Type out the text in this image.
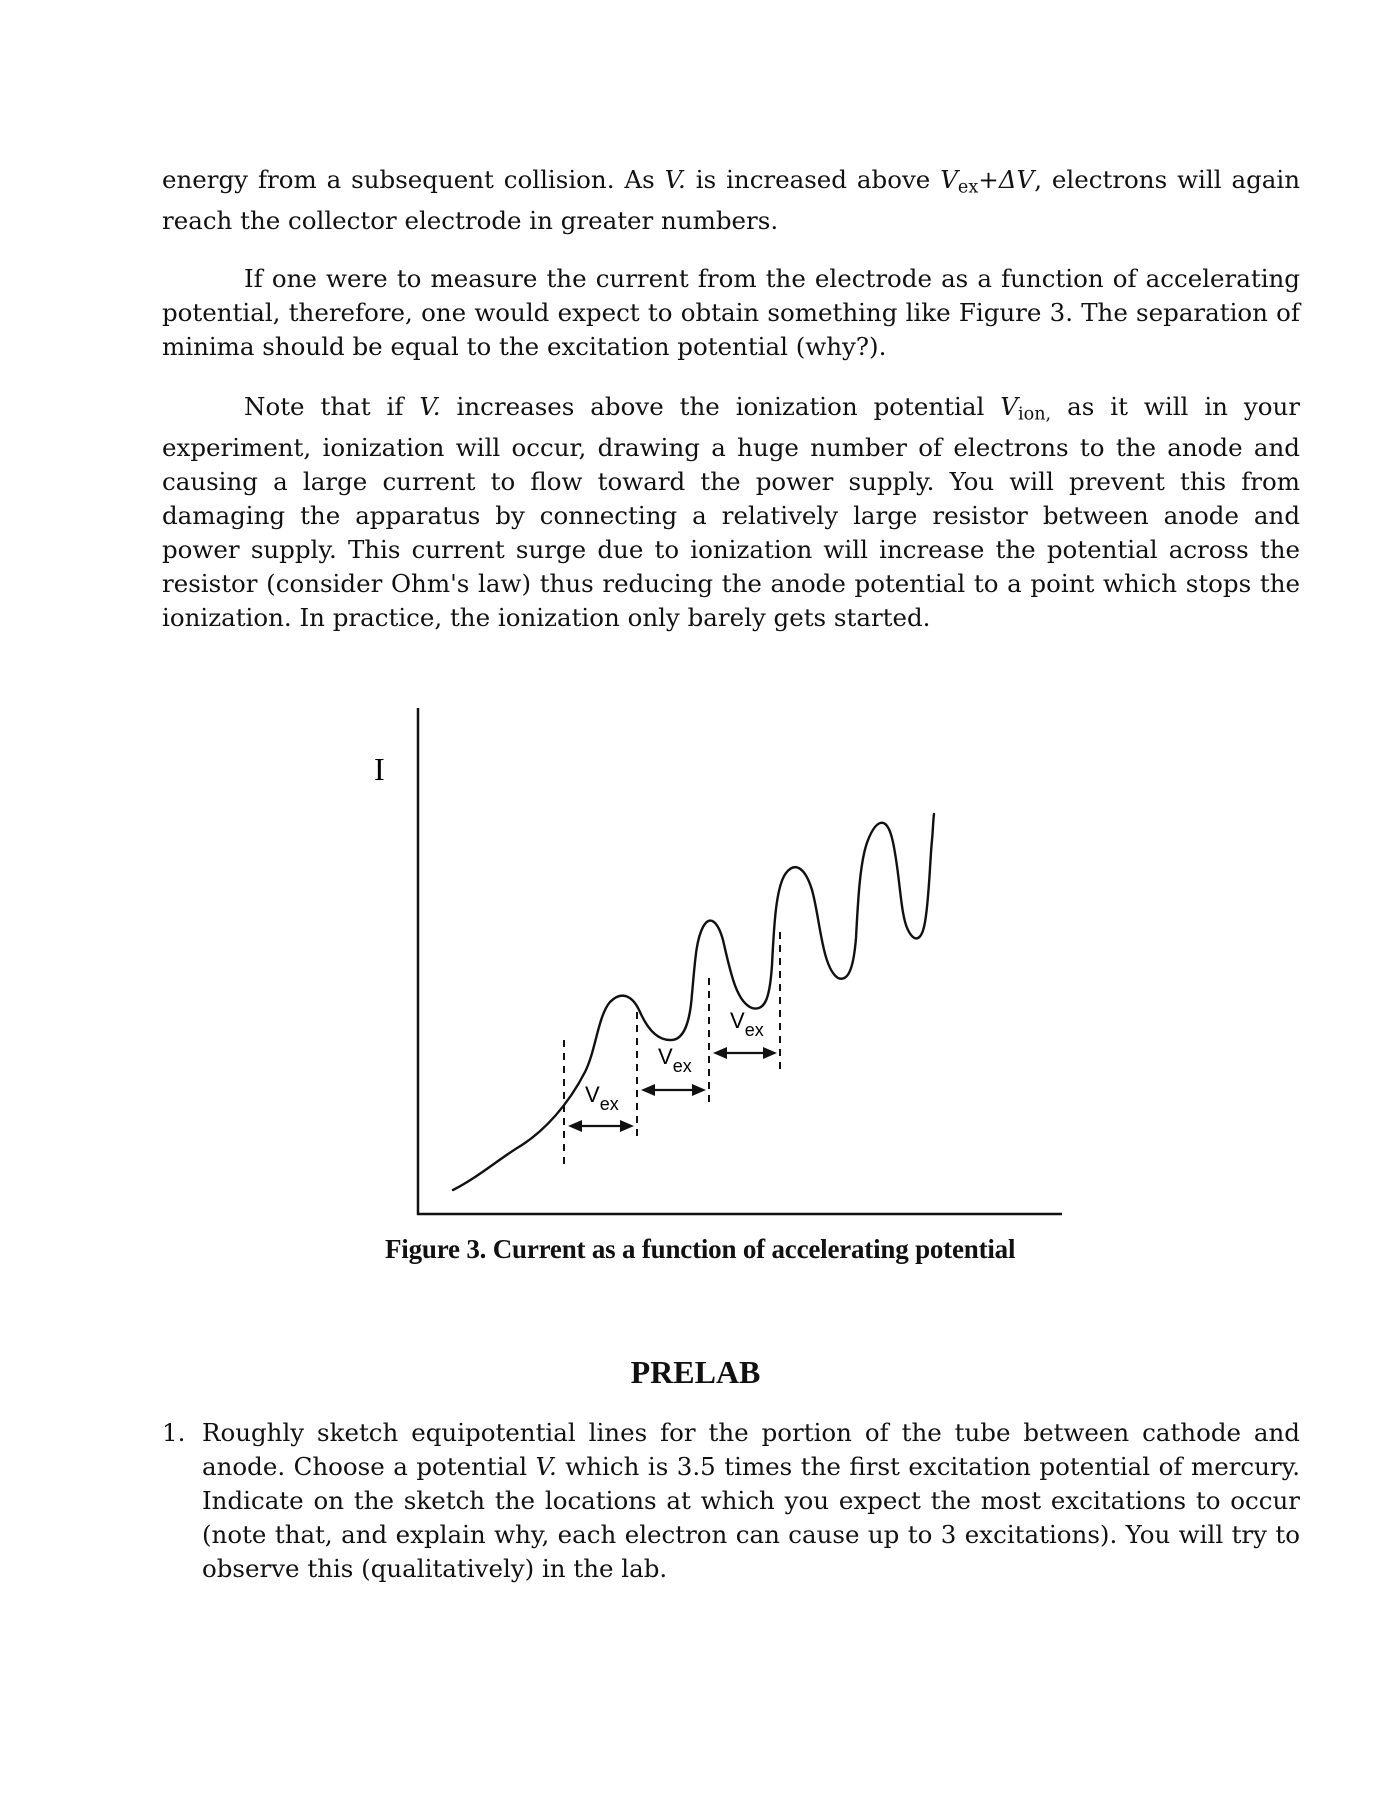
energy from a subsequent collision. As V. is increased above $V_{ex}+\Delta V$, electrons will again reach the collector electrode in greater numbers.

If one were to measure the current from the electrode as a function of accelerating potential, therefore, one would expect to obtain something like Figure 3. The separation of minima should be equal to the excitation potential (why?).

Note that if V. increases above the ionization potential $V_{ion,}$ as it will in your experiment, ionization will occur, drawing a huge number of electrons to the anode and causing a large current to flow toward the power supply. You will prevent this from damaging the apparatus by connecting a relatively large resistor between anode and power supply. This current surge due to ionization will increase the potential across the resistor (consider Ohm's law) thus reducing the anode potential to a point which stops the ionization. In practice, the ionization only barely gets started.

I
$V_{ex}$
$V_{ex}$
$V_{ex}$
Figure 3. Current as a function of accelerating potential
PRELAB
1. Roughly sketch equipotential lines for the portion of the tube between cathode and anode. Choose a potential V. which is 3.5 times the first excitation potential of mercury. Indicate on the sketch the locations at which you expect the most excitations to occur (note that, and explain why, each electron can cause up to 3 excitations). You will try to observe this (qualitatively) in the lab.
